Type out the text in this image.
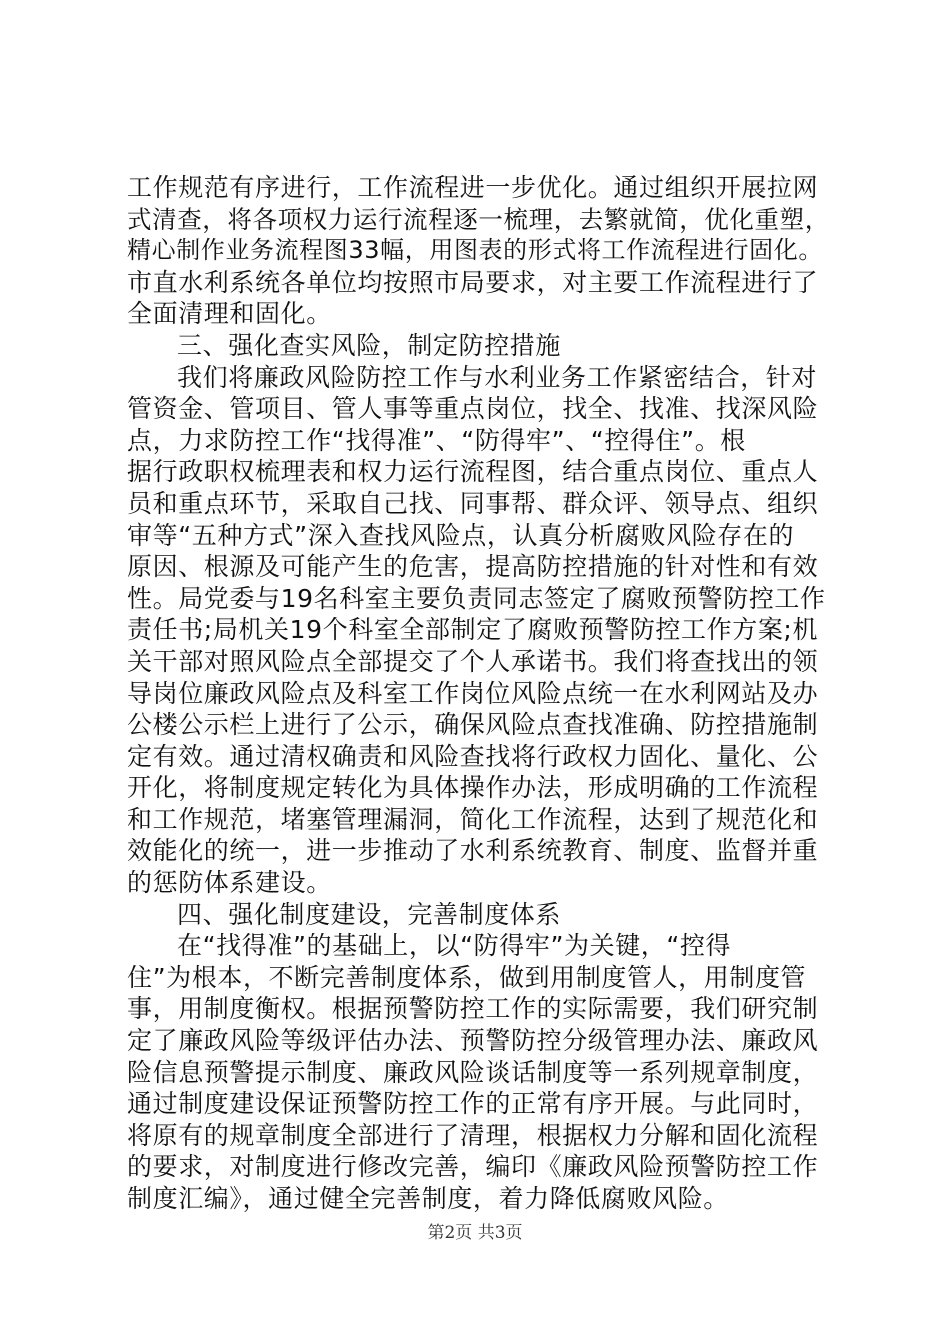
工作规范有序进行，工作流程进一步优化。通过组织开展拉网
式清查，将各项权力运行流程逐一梳理，去繁就简，优化重塑，
精心制作业务流程图33幅，用图表的形式将工作流程进行固化。
市直水利系统各单位均按照市局要求，对主要工作流程进行了
全面清理和固化。
三、强化查实风险，制定防控措施
我们将廉政风险防控工作与水利业务工作紧密结合，针对
管资金、管项目、管人事等重点岗位，找全、找准、找深风险
点，力求防控工作“找得准”、“防得牢”、“控得住”。根
据行政职权梳理表和权力运行流程图，结合重点岗位、重点人
员和重点环节，采取自己找、同事帮、群众评、领导点、组织
审等“五种方式”深入查找风险点，认真分析腐败风险存在的
原因、根源及可能产生的危害，提高防控措施的针对性和有效
性。局党委与19名科室主要负责同志签定了腐败预警防控工作
责任书;局机关19个科室全部制定了腐败预警防控工作方案;机
关干部对照风险点全部提交了个人承诺书。我们将查找出的领
导岗位廉政风险点及科室工作岗位风险点统一在水利网站及办
公楼公示栏上进行了公示，确保风险点查找准确、防控措施制
定有效。通过清权确责和风险查找将行政权力固化、量化、公
开化，将制度规定转化为具体操作办法，形成明确的工作流程
和工作规范，堵塞管理漏洞，简化工作流程，达到了规范化和
效能化的统一，进一步推动了水利系统教育、制度、监督并重
的惩防体系建设。
四、强化制度建设，完善制度体系
在“找得准”的基础上，以“防得牢”为关键，“控得
住”为根本，不断完善制度体系，做到用制度管人，用制度管
事，用制度衡权。根据预警防控工作的实际需要，我们研究制
定了廉政风险等级评估办法、预警防控分级管理办法、廉政风
险信息预警提示制度、廉政风险谈话制度等一系列规章制度，
通过制度建设保证预警防控工作的正常有序开展。与此同时，
将原有的规章制度全部进行了清理，根据权力分解和固化流程
的要求，对制度进行修改完善，编印《廉政风险预警防控工作
制度汇编》，通过健全完善制度，着力降低腐败风险。
第2页 共3页
